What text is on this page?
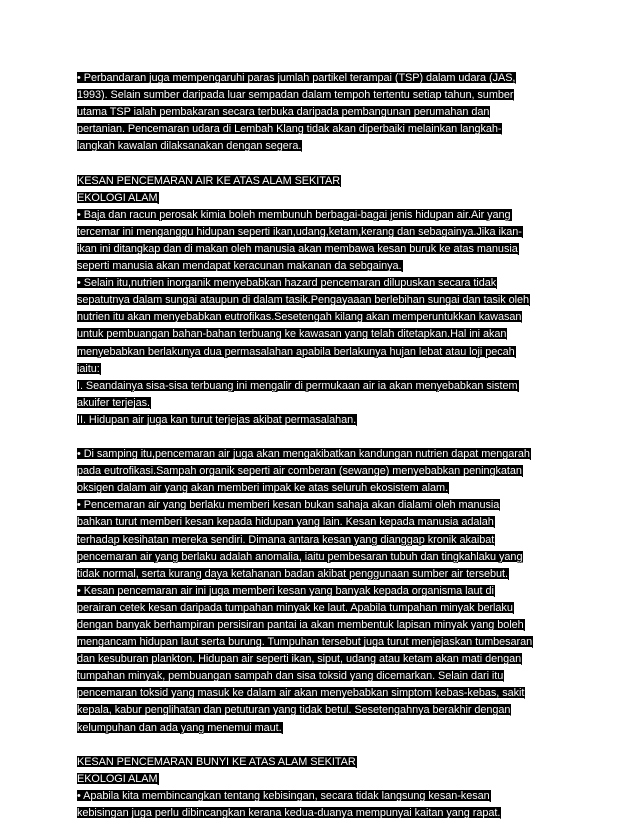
• Perbandaran juga mempengaruhi paras jumlah partikel terampai (TSP) dalam udara (JAS,
1993). Selain sumber daripada luar sempadan dalam tempoh tertentu setiap tahun, sumber
utama TSP ialah pembakaran secara terbuka daripada pembangunan perumahan dan
pertanian. Pencemaran udara di Lembah Klang tidak akan diperbaiki melainkan langkah-
langkah kawalan dilaksanakan dengan segera.
KESAN PENCEMARAN AIR KE ATAS ALAM SEKITAR
EKOLOGI ALAM
• Baja dan racun perosak kimia boleh membunuh berbagai-bagai jenis hidupan air.Air yang
tercemar ini menganggu hidupan seperti ikan,udang,ketam,kerang dan sebagainya.Jika ikan-
ikan ini ditangkap dan di makan oleh manusia akan membawa kesan buruk ke atas manusia
seperti manusia akan mendapat keracunan makanan da sebgainya.
• Selain itu,nutrien inorganik menyebabkan hazard pencemaran dilupuskan secara tidak
sepatutnya dalam sungai ataupun di dalam tasik.Pengayaaan berlebihan sungai dan tasik oleh
nutrien itu akan menyebabkan eutrofikas.Sesetengah kilang akan memperuntukkan kawasan
untuk pembuangan bahan-bahan terbuang ke kawasan yang telah ditetapkan.Hal ini akan
menyebabkan berlakunya dua permasalahan apabila berlakunya hujan lebat atau loji pecah
iaitu:
I. Seandainya sisa-sisa terbuang ini mengalir di permukaan air ia akan menyebabkan sistem
akuifer terjejas.
II. Hidupan air juga kan turut terjejas akibat permasalahan.
• Di samping itu,pencemaran air juga akan mengakibatkan kandungan nutrien dapat mengarah
pada eutrofikasi.Sampah organik seperti air comberan (sewange) menyebabkan peningkatan
oksigen dalam air yang akan memberi impak ke atas seluruh ekosistem alam.
• Pencemaran air yang berlaku memberi kesan bukan sahaja akan dialami oleh manusia
bahkan turut memberi kesan kepada hidupan yang lain. Kesan kepada manusia adalah
terhadap kesihatan mereka sendiri. Dimana antara kesan yang dianggap kronik akaibat
pencemaran air yang berlaku adalah anomalia, iaitu pembesaran tubuh dan tingkahlaku yang
tidak normal, serta kurang daya ketahanan badan akibat penggunaan sumber air tersebut.
• Kesan pencemaran air ini juga memberi kesan yang banyak kepada organisma laut di
perairan cetek kesan daripada tumpahan minyak ke laut. Apabila tumpahan minyak berlaku
dengan banyak berhampiran persisiran pantai ia akan membentuk lapisan minyak yang boleh
mengancam hidupan laut serta burung. Tumpuhan tersebut juga turut menjejaskan tumbesaran
dan kesuburan plankton. Hidupan air seperti ikan, siput, udang atau ketam akan mati dengan
tumpahan minyak, pembuangan sampah dan sisa toksid yang dicemarkan. Selain dari itu
pencemaran toksid yang masuk ke dalam air akan menyebabkan simptom kebas-kebas, sakit
kepala, kabur penglihatan dan petuturan yang tidak betul. Sesetengahnya berakhir dengan
kelumpuhan dan ada yang menemui maut.
KESAN PENCEMARAN BUNYI KE ATAS ALAM SEKITAR
EKOLOGI ALAM
• Apabila kita membincangkan tentang kebisingan, secara tidak langsung kesan-kesan
kebisingan juga perlu dibincangkan kerana kedua-duanya mempunyai kaitan yang rapat.
